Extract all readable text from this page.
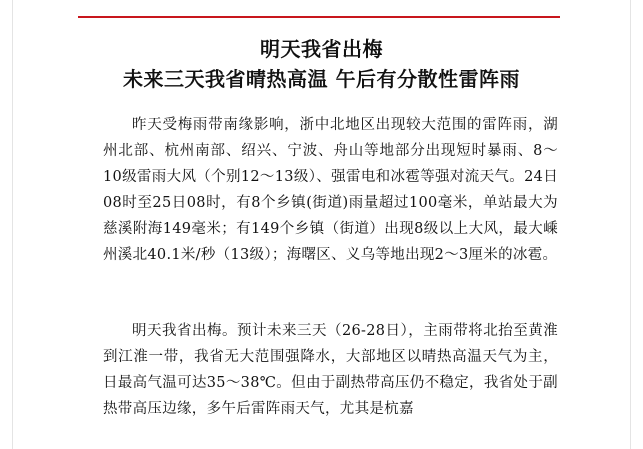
明天我省出梅
未来三天我省晴热高温 午后有分散性雷阵雨

昨天受梅雨带南缘影响，浙中北地区出现较大范围的雷阵雨，湖州北部、杭州南部、绍兴、宁波、舟山等地部分出现短时暴雨、8～10级雷雨大风（个别12～13级）、强雷电和冰雹等强对流天气。24日08时至25日08时，有8个乡镇(街道)雨量超过100毫米，单站最大为慈溪附海149毫米；有149个乡镇（街道）出现8级以上大风，最大嵊州溪北40.1米/秒（13级）；海曙区、义乌等地出现2～3厘米的冰雹。

明天我省出梅。预计未来三天（26-28日），主雨带将北抬至黄淮到江淮一带，我省无大范围强降水，大部地区以晴热高温天气为主，日最高气温可达35～38℃。但由于副热带高压仍不稳定，我省处于副热带高压边缘，多午后雷阵雨天气，尤其是杭嘉
